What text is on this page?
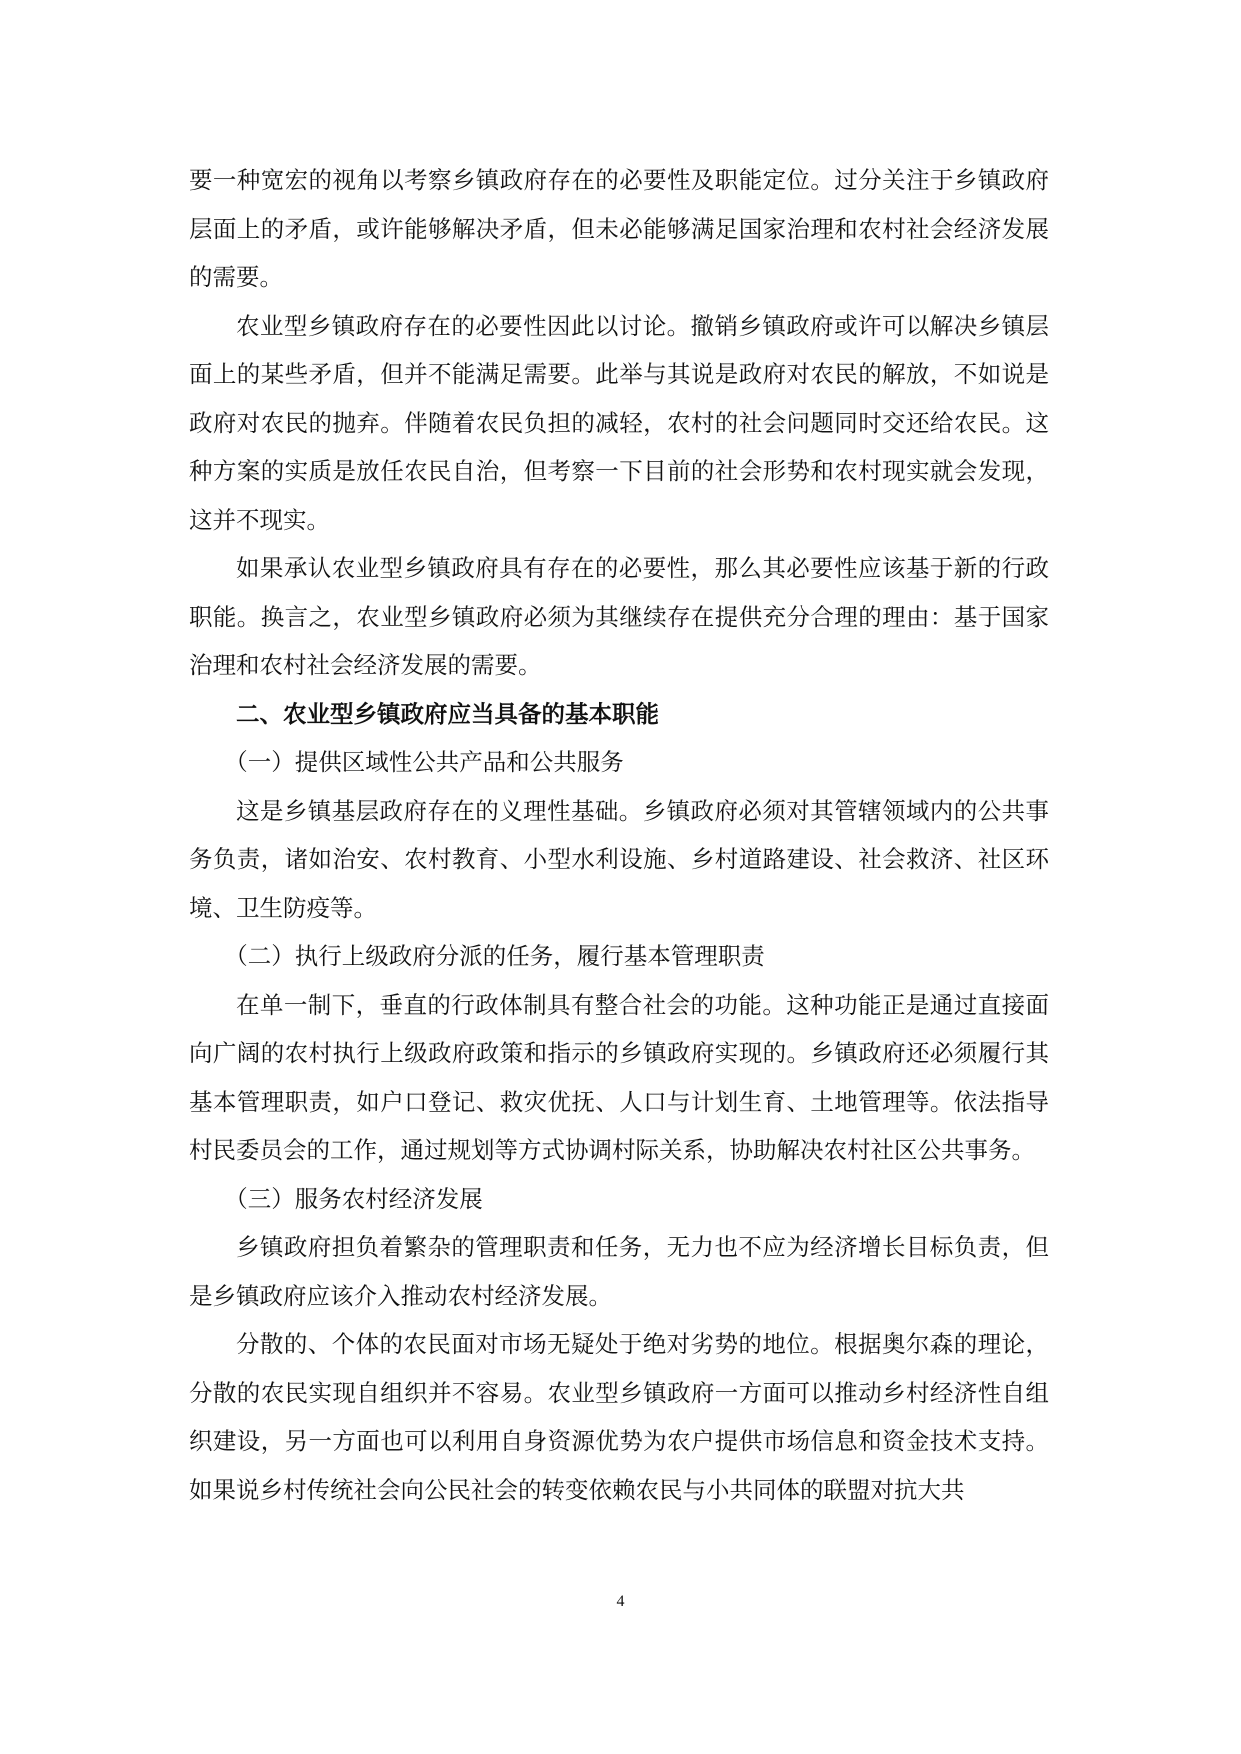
要一种宽宏的视角以考察乡镇政府存在的必要性及职能定位。过分关注于乡镇政府层面上的矛盾，或许能够解决矛盾，但未必能够满足国家治理和农村社会经济发展的需要。

农业型乡镇政府存在的必要性因此以讨论。撤销乡镇政府或许可以解决乡镇层面上的某些矛盾，但并不能满足需要。此举与其说是政府对农民的解放，不如说是政府对农民的抛弃。伴随着农民负担的减轻，农村的社会问题同时交还给农民。这种方案的实质是放任农民自治，但考察一下目前的社会形势和农村现实就会发现，这并不现实。

如果承认农业型乡镇政府具有存在的必要性，那么其必要性应该基于新的行政职能。换言之，农业型乡镇政府必须为其继续存在提供充分合理的理由：基于国家治理和农村社会经济发展的需要。

二、农业型乡镇政府应当具备的基本职能

（一）提供区域性公共产品和公共服务

这是乡镇基层政府存在的义理性基础。乡镇政府必须对其管辖领域内的公共事务负责，诸如治安、农村教育、小型水利设施、乡村道路建设、社会救济、社区环境、卫生防疫等。

（二）执行上级政府分派的任务，履行基本管理职责

在单一制下，垂直的行政体制具有整合社会的功能。这种功能正是通过直接面向广阔的农村执行上级政府政策和指示的乡镇政府实现的。乡镇政府还必须履行其基本管理职责，如户口登记、救灾优抚、人口与计划生育、土地管理等。依法指导村民委员会的工作，通过规划等方式协调村际关系，协助解决农村社区公共事务。

（三）服务农村经济发展

乡镇政府担负着繁杂的管理职责和任务，无力也不应为经济增长目标负责，但是乡镇政府应该介入推动农村经济发展。

分散的、个体的农民面对市场无疑处于绝对劣势的地位。根据奥尔森的理论，分散的农民实现自组织并不容易。农业型乡镇政府一方面可以推动乡村经济性自组织建设，另一方面也可以利用自身资源优势为农户提供市场信息和资金技术支持。如果说乡村传统社会向公民社会的转变依赖农民与小共同体的联盟对抗大共

4
